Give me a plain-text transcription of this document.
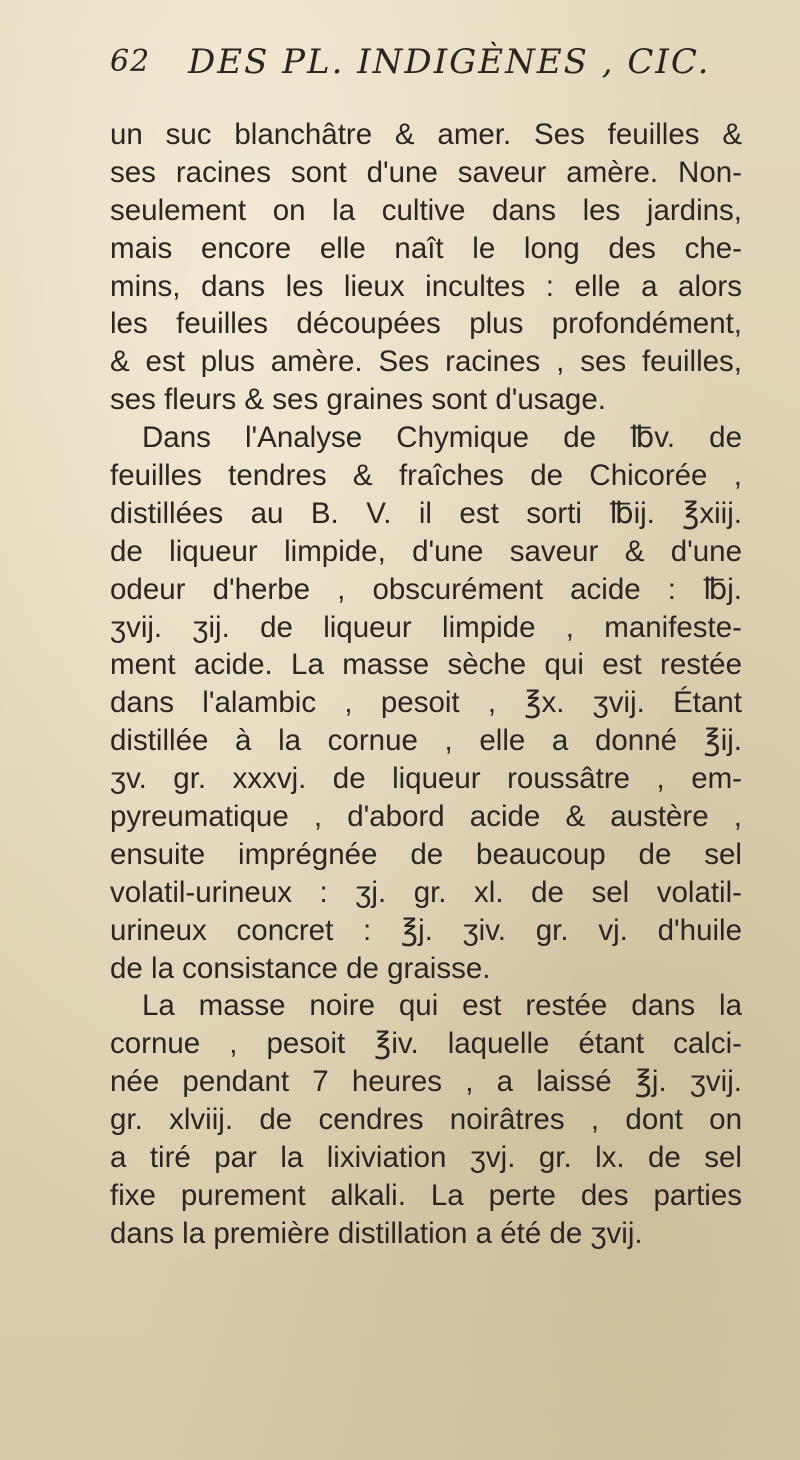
62 DES PL. INDIGÈNES , CIC.
un suc blanchâtre & amer. Ses feuilles &
ses racines sont d'une saveur amère. Non-
seulement on la cultive dans les jardins,
mais encore elle naît le long des che-
mins, dans les lieux incultes : elle a alors
les feuilles découpées plus profondément,
& est plus amère. Ses racines , ses feuilles,
ses fleurs & ses graines sont d'usage.
Dans l'Analyse Chymique de ℔v. de
feuilles tendres & fraîches de Chicorée ,
distillées au B. V. il est sorti ℔ij. ℥xiij.
de liqueur limpide, d'une saveur & d'une
odeur d'herbe , obscurément acide : ℔j.
ʒvij. ʒij. de liqueur limpide , manifeste-
ment acide. La masse sèche qui est restée
dans l'alambic , pesoit , ℥x. ʒvij. Étant
distillée à la cornue , elle a donné ℥ij.
ʒv. gr. xxxvj. de liqueur roussâtre , em-
pyreumatique , d'abord acide & austère ,
ensuite imprégnée de beaucoup de sel
volatil-urineux : ʒj. gr. xl. de sel volatil-
urineux concret : ℥j. ʒiv. gr. vj. d'huile
de la consistance de graisse.
La masse noire qui est restée dans la
cornue , pesoit ℥iv. laquelle étant calci-
née pendant 7 heures , a laissé ℥j. ʒvij.
gr. xlviij. de cendres noirâtres , dont on
a tiré par la lixiviation ʒvj. gr. lx. de sel
fixe purement alkali. La perte des parties
dans la première distillation a été de ʒvij.
